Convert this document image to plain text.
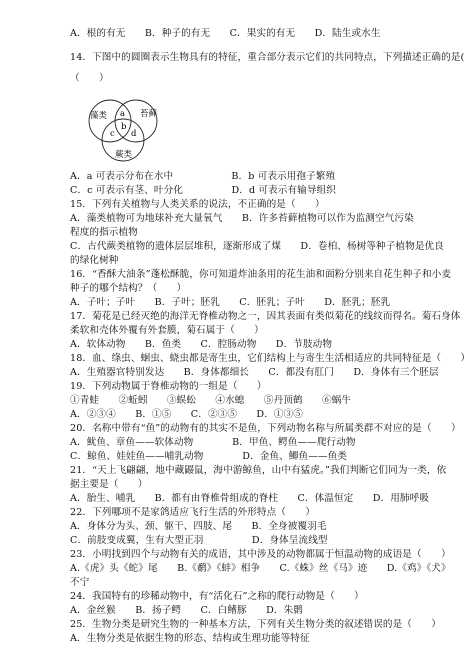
A．根的有无　　B．种子的有无　　C．果实的有无　　D．陆生或水生
14．下图中的圆圈表示生物具有的特征，重合部分表示它们的共同特点，下列描述正确的是(
（　　）
藻类	苔藓
蕨类
a
b
c d
A．a 可表示分布在水中　　　　　　B．b 可表示用孢子繁殖
C．c 可表示有茎、叶分化　　　　　D．d 可表示有输导组织
15．下列有关植物与人类关系的说法，不正确的是（　　）
A．藻类植物可为地球补充大量氧气　　B．许多苔藓植物可以作为监测空气污染
程度的指示植物
C．古代蕨类植物的遗体层层堆积，逐渐形成了煤　　D．卷柏、杨树等种子植物是优良
的绿化树种
16．“香酥大油条”蓬松酥脆，你可知道炸油条用的花生油和面粉分别来自花生种子和小麦
种子的哪个结构？（　　）
A．子叶；子叶　　B．子叶；胚乳　　C．胚乳；子叶　　D．胚乳；胚乳
17．菊花是已经灭绝的海洋无脊椎动物之一，因其表面有类似菊花的线纹而得名。菊石身体
柔软和壳体外覆有外套膜，菊石属于（　　）
A．软体动物　　B．鱼类　　C．腔肠动物　　D．节肢动物
18．血、绦虫、蛔虫、蛲虫都是寄生虫，它们结构上与寄生生活相适应的共同特征是（　　）
A．生殖器官特别发达　　B．身体都细长　　C．都没有肛门　　D．身体有三个胚层
19．下列动物属于脊椎动物的一组是（　　）
①青蛙　　②蚯蚓　　③蜈蚣　　④水螅　　⑤丹顶鹤　　⑥蜗牛
A．②③④　　B．①⑤　　C．②③⑤　　D．①③⑤
20．名称中带有“鱼”的动物有的其实不是鱼，下列动物名称与所属类群不对应的是（　　）
A．鱿鱼、章鱼——软体动物　　　　B．甲鱼、鳄鱼——爬行动物
C．鲸鱼、娃娃鱼——哺乳动物　　　　D．金鱼、鲫鱼——鱼类
21．“天上飞翩翩，地中藏鼹鼠，海中游鲸鱼，山中有猛虎。”我们判断它们同为一类，依
据主要是（　　）
A．胎生、哺乳　　B．都有由脊椎骨组成的脊柱　　C．体温恒定　　D．用肺呼吸
22．下列哪项不是家鸽适应飞行生活的外形特点（　　）
A．身体分为头、颈、躯干、四肢、尾　　B．全身被覆羽毛
C．前肢变成翼，生有大型正羽　　　　　D．身体呈流线型
23．小明找到四个与动物有关的成语，其中涉及的动物都属于恒温动物的成语是（　　）
A.《虎》头《蛇》尾　　B.《鹬》《蚌》相争　　C.《蛛》丝《马》迹　　D.《鸡》《犬》
不宁
24．我国特有的珍稀动物中，有“活化石”之称的爬行动物是（　　）
A．金丝猴　　B．扬子鳄　　C．白鳍豚　　D．朱鹮
25．生物分类是研究生物的一种基本方法，下列有关生物分类的叙述错误的是（　　）
A．生物分类是依据生物的形态、结构或生理功能等特征
